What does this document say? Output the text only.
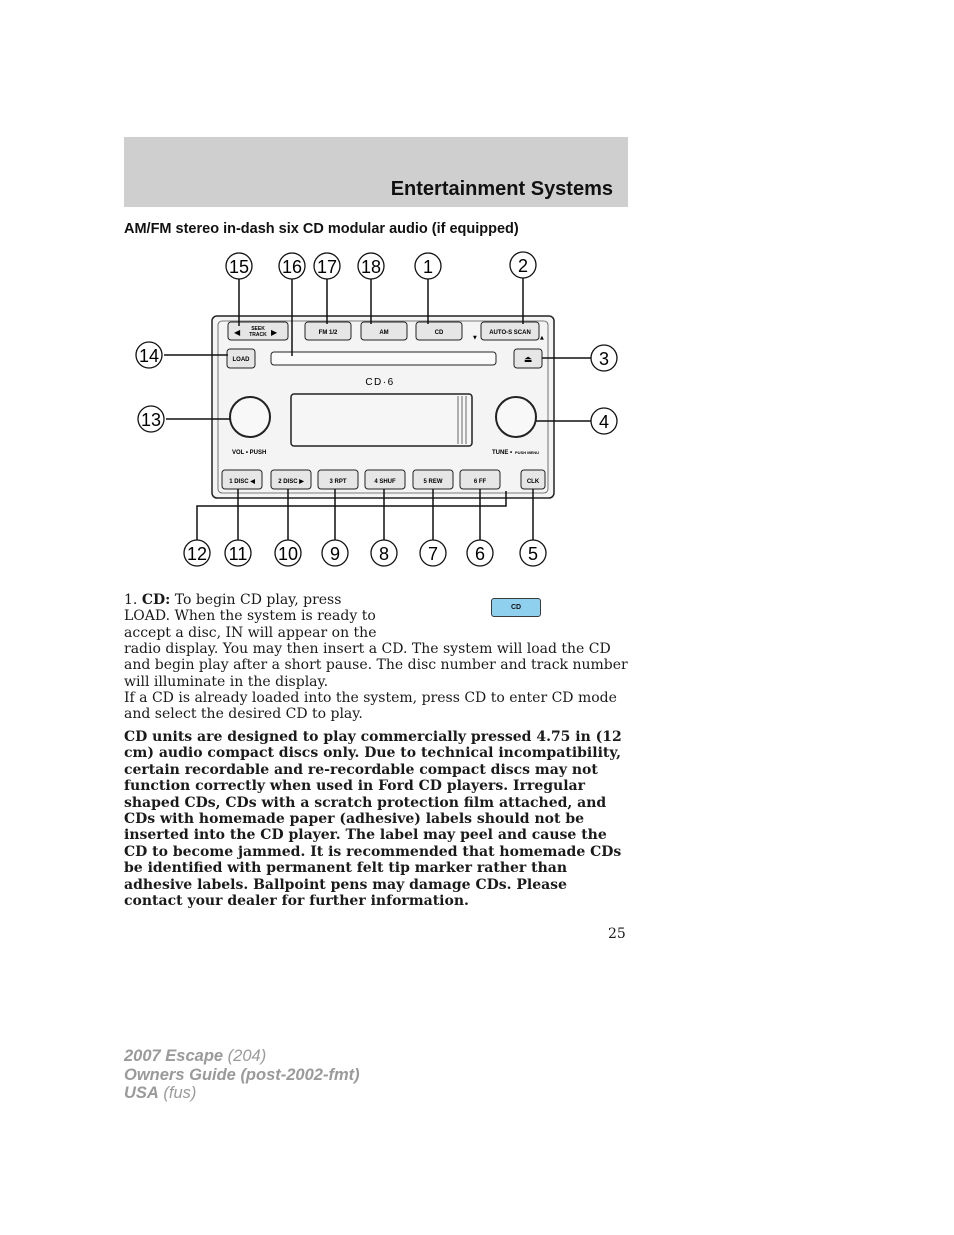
Entertainment Systems
AM/FM stereo in-dash six CD modular audio (if equipped)
◀	▶
SEEK
TRACK	FM 1/2	AM	CD	AUTO-S SCAN
▼	▲
LOAD	⏏
CD·6
VOL • PUSH	TUNE • PUSH MENU
1 DISC ◀	2 DISC ▶	3 RPT	4 SHUF	5 REW	6 FF	CLK
15 16 17 18 1	2
14	3
13	4
12 11 10 9 8 7 6 5
1. CD: To begin CD play, press
LOAD. When the system is ready to
accept a disc, IN will appear on the
CD

radio display. You may then insert a CD. The system will load the CD and begin play after a short pause. The disc number and track number will illuminate in the display.

If a CD is already loaded into the system, press CD to enter CD mode and select the desired CD to play.

CD units are designed to play commercially pressed 4.75 in (12 cm) audio compact discs only. Due to technical incompatibility, certain recordable and re-recordable compact discs may not function correctly when used in Ford CD players. Irregular shaped CDs, CDs with a scratch protection film attached, and CDs with homemade paper (adhesive) labels should not be inserted into the CD player. The label may peel and cause the CD to become jammed. It is recommended that homemade CDs be identified with permanent felt tip marker rather than adhesive labels. Ballpoint pens may damage CDs. Please contact your dealer for further information.

25
2007 Escape (204)
Owners Guide (post-2002-fmt)
USA (fus)
